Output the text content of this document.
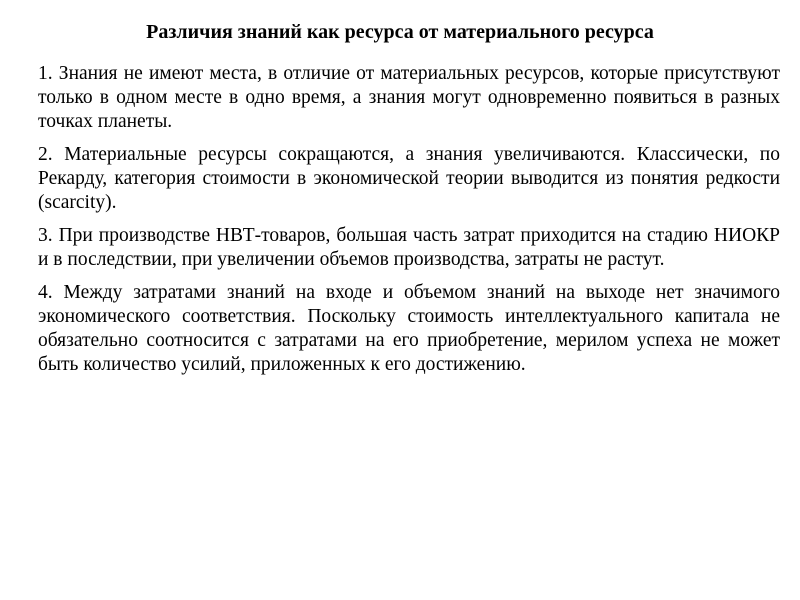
Различия знаний как ресурса от материального ресурса

1. Знания не имеют места, в отличие от материальных ресурсов, которые присутствуют только в одном месте в одно время, а знания могут одновременно появиться в разных точках планеты.

2. Материальные ресурсы сокращаются, а знания увеличиваются. Классически, по Рекарду, категория стоимости в экономической теории выводится из понятия редкости (scarcity).

3. При производстве НВТ-товаров, большая часть затрат приходится на стадию НИОКР и в последствии, при увеличении объемов производства, затраты не растут.

4. Между затратами знаний на входе и объемом знаний на выходе нет значимого экономического соответствия. Поскольку стоимость интеллектуального капитала не обязательно соотносится с затратами на его приобретение, мерилом успеха не может быть количество усилий, приложенных к его достижению.
